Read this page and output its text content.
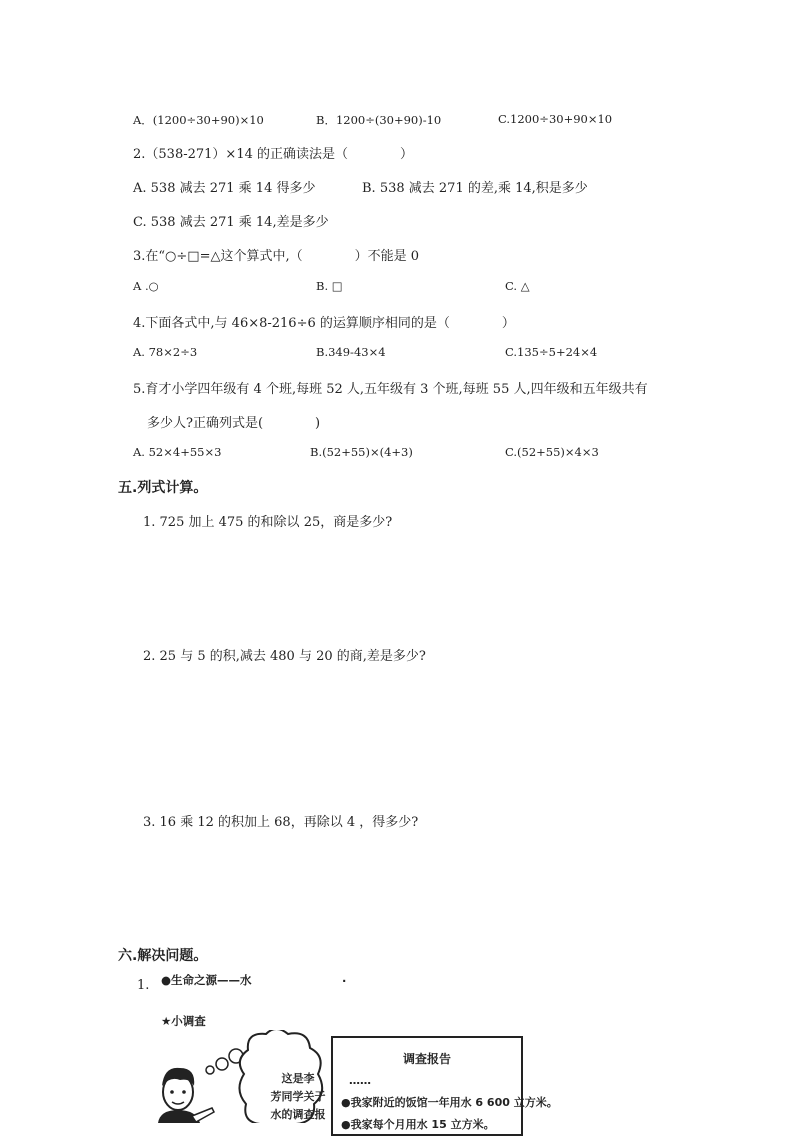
A．(1200÷30+90)×10	B．1200÷(30+90)-10	C.1200÷30+90×10
2.（538-271）×14 的正确读法是（　　　　）
A. 538 减去 271 乘 14 得多少	B. 538 减去 271 的差,乘 14,积是多少
C. 538 减去 271 乘 14,差是多少
3.在“○÷□=△这个算式中,（　　　　）不能是 0
A .○	B. □	C. △
4.下面各式中,与 46×8-216÷6 的运算顺序相同的是（　　　　）
A. 78×2÷3	B.349-43×4	C.135÷5+24×4
5.育才小学四年级有 4 个班,每班 52 人,五年级有 3 个班,每班 55 人,四年级和五年级共有
多少人?正确列式是(　　　　)
A. 52×4+55×3	B.(52+55)×(4+3)	C.(52+55)×4×3
五.列式计算。
1. 725 加上 475 的和除以 25，商是多少?
2. 25 与 5 的积,减去 480 与 20 的商,差是多少?
3. 16 乘 12 的积加上 68，再除以 4 ，得多少?
六.解决问题。
1. ●生命之源——水	·
★小调查
这是李
芳同学关于
水的调查报
调查报告
……
●我家附近的饭馆一年用水 6 600 立方米。
●我家每个月用水 15 立方米。
